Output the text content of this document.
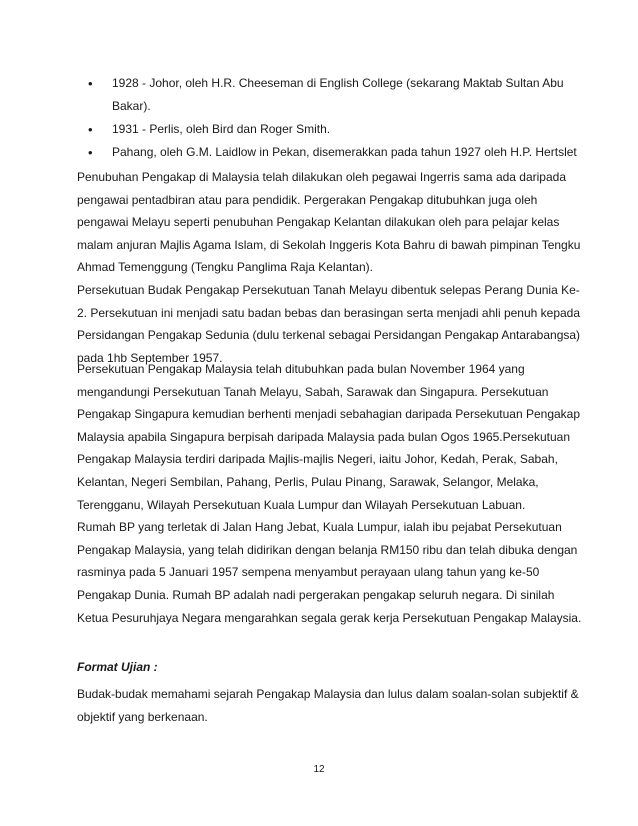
• 1928 - Johor, oleh H.R. Cheeseman di English College (sekarang Maktab Sultan Abu
Bakar).
• 1931 - Perlis, oleh Bird dan Roger Smith.
• Pahang, oleh G.M. Laidlow in Pekan, disemerakkan pada tahun 1927 oleh H.P. Hertslet
Penubuhan Pengakap di Malaysia telah dilakukan oleh pegawai Ingerris sama ada daripada
pengawai pentadbiran atau para pendidik. Pergerakan Pengakap ditubuhkan juga oleh
pengawai Melayu seperti penubuhan Pengakap Kelantan dilakukan oleh para pelajar kelas
malam anjuran Majlis Agama Islam, di Sekolah Inggeris Kota Bahru di bawah pimpinan Tengku
Ahmad Temenggung (Tengku Panglima Raja Kelantan).
Persekutuan Budak Pengakap Persekutuan Tanah Melayu dibentuk selepas Perang Dunia Ke-
2. Persekutuan ini menjadi satu badan bebas dan berasingan serta menjadi ahli penuh kepada
Persidangan Pengakap Sedunia (dulu terkenal sebagai Persidangan Pengakap Antarabangsa)
pada 1hb September 1957.
Persekutuan Pengakap Malaysia telah ditubuhkan pada bulan November 1964 yang
mengandungi Persekutuan Tanah Melayu, Sabah, Sarawak dan Singapura. Persekutuan
Pengakap Singapura kemudian berhenti menjadi sebahagian daripada Persekutuan Pengakap
Malaysia apabila Singapura berpisah daripada Malaysia pada bulan Ogos 1965.Persekutuan
Pengakap Malaysia terdiri daripada Majlis-majlis Negeri, iaitu Johor, Kedah, Perak, Sabah,
Kelantan, Negeri Sembilan, Pahang, Perlis, Pulau Pinang, Sarawak, Selangor, Melaka,
Terengganu, Wilayah Persekutuan Kuala Lumpur dan Wilayah Persekutuan Labuan.
Rumah BP yang terletak di Jalan Hang Jebat, Kuala Lumpur, ialah ibu pejabat Persekutuan
Pengakap Malaysia, yang telah didirikan dengan belanja RM150 ribu dan telah dibuka dengan
rasminya pada 5 Januari 1957 sempena menyambut perayaan ulang tahun yang ke-50
Pengakap Dunia. Rumah BP adalah nadi pergerakan pengakap seluruh negara. Di sinilah
Ketua Pesuruhjaya Negara mengarahkan segala gerak kerja Persekutuan Pengakap Malaysia.
Format Ujian :
Budak-budak memahami sejarah Pengakap Malaysia dan lulus dalam soalan-solan subjektif &
objektif yang berkenaan.
12
